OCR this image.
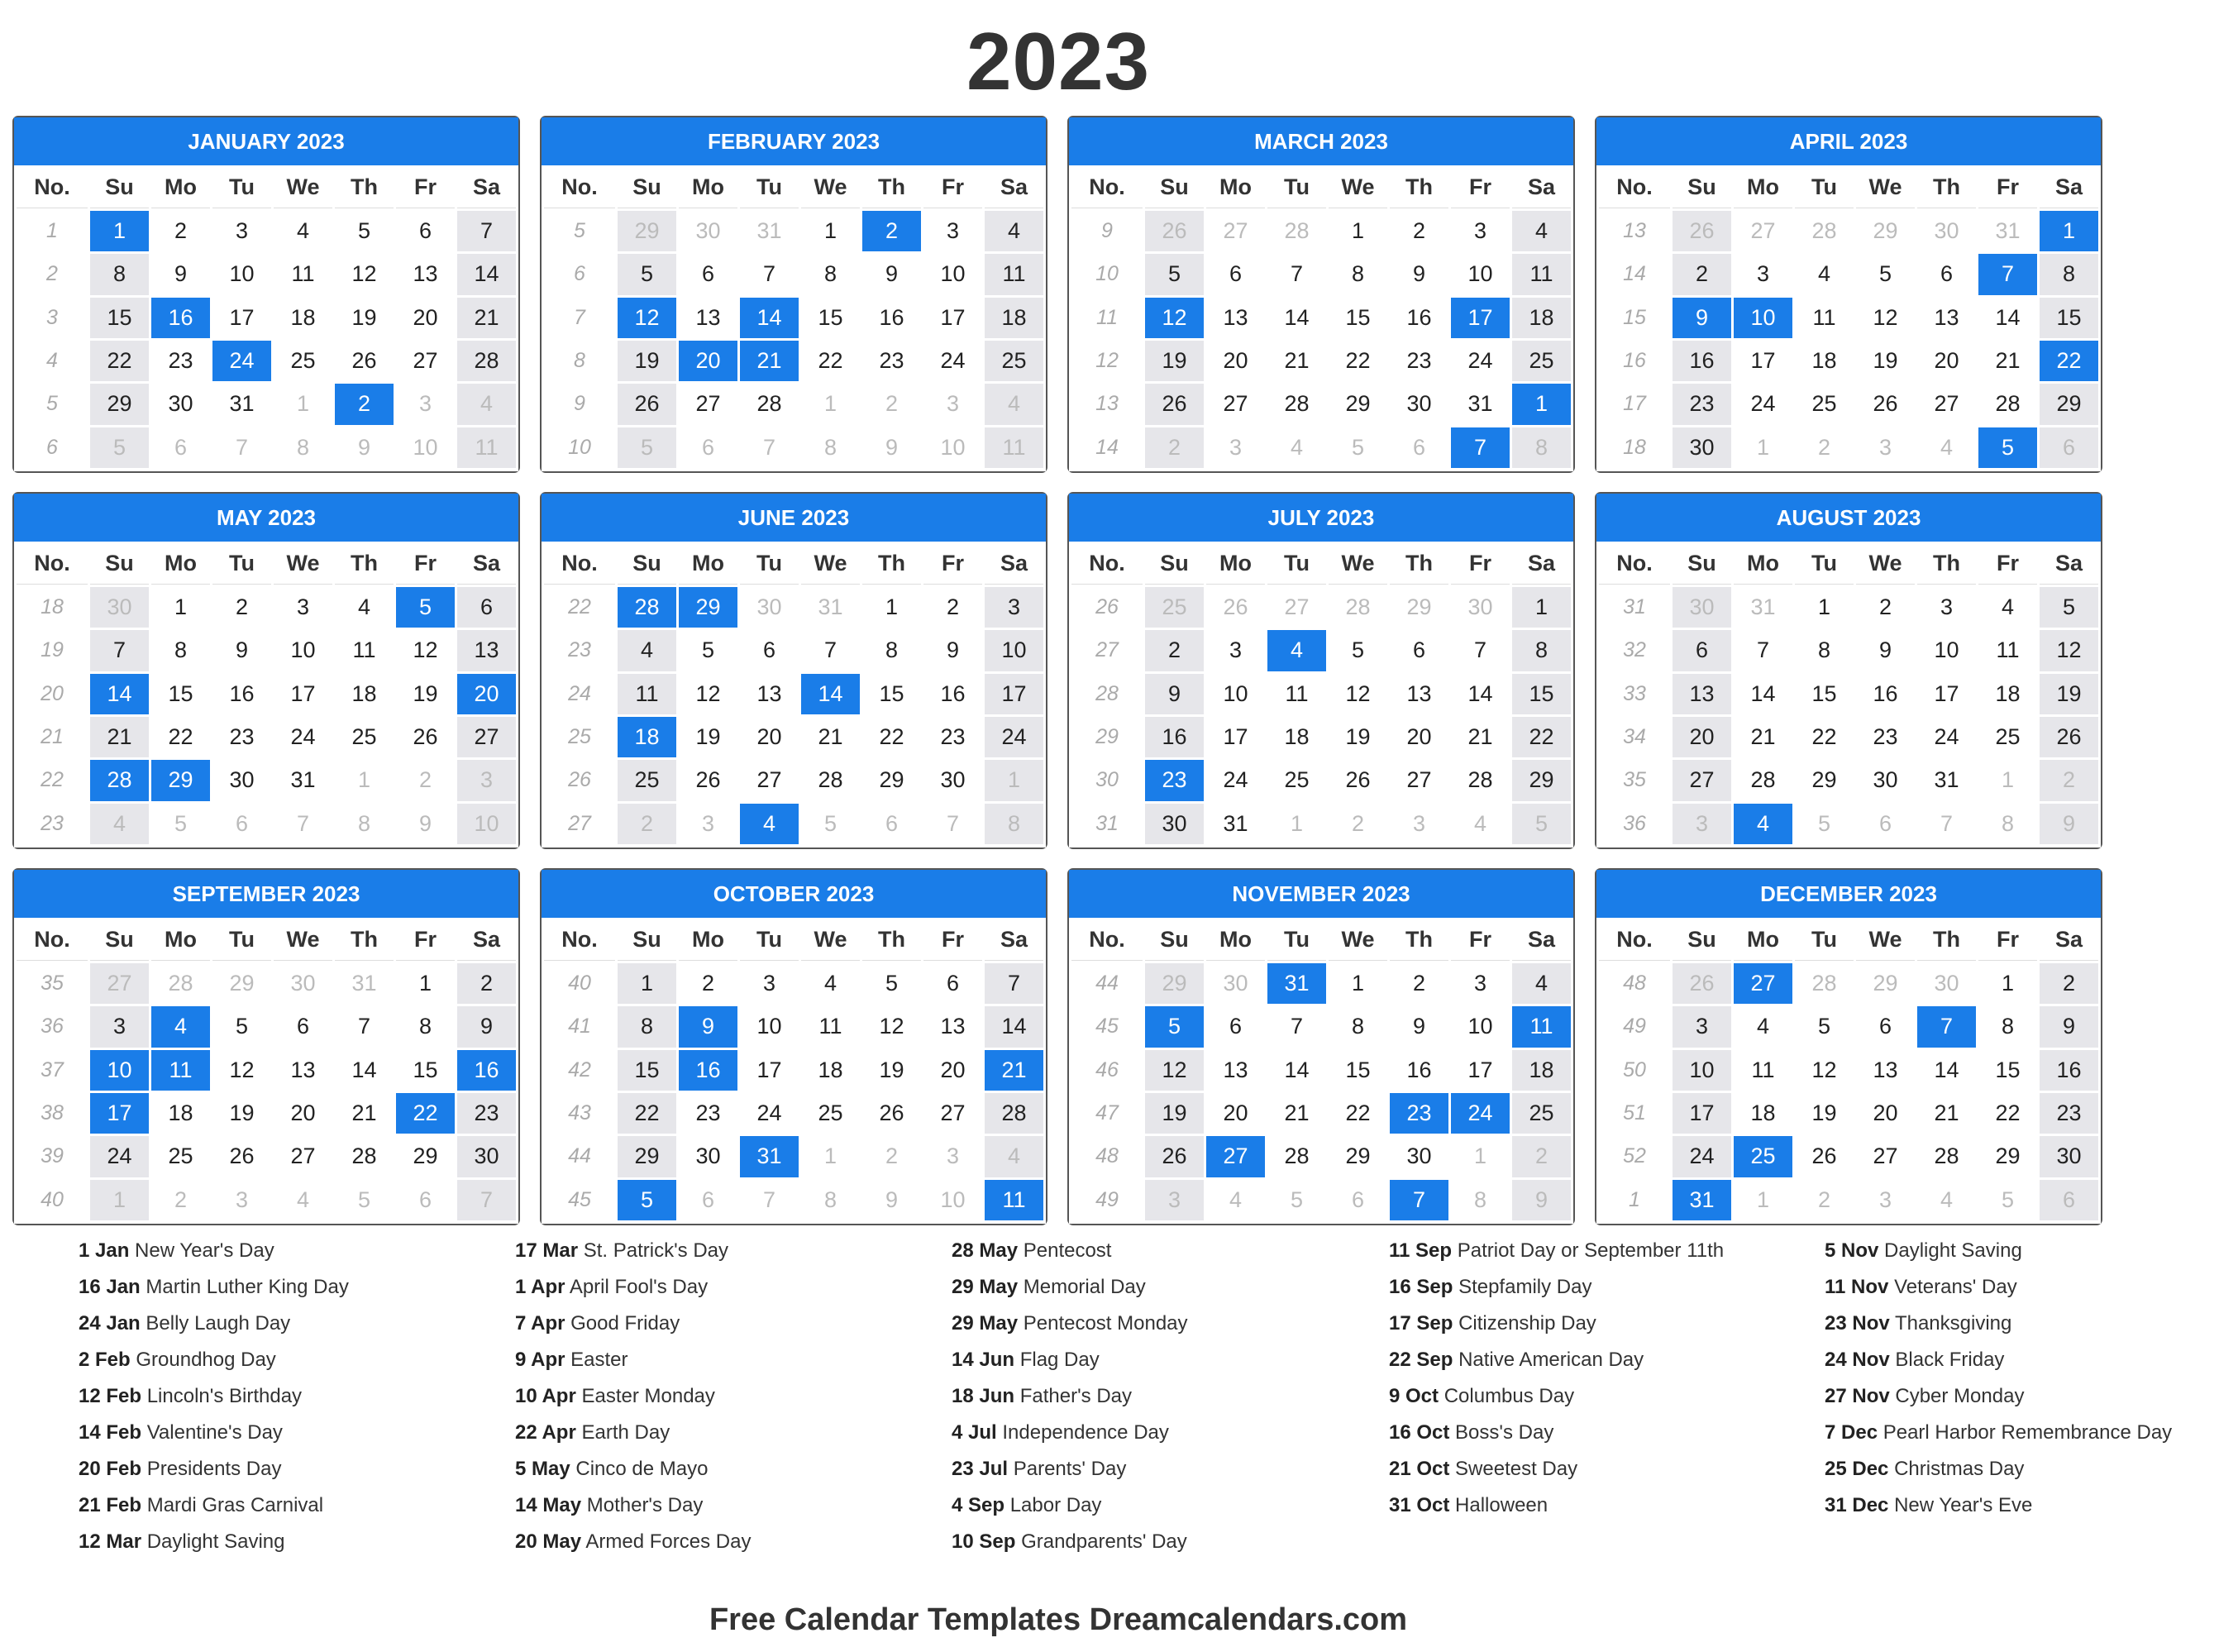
2023
JANUARY 2023
No.	Su	Mo	Tu	We	Th	Fr	Sa
1	1	2	3	4	5	6	7
2	8	9	10	11	12	13	14
3	15	16	17	18	19	20	21
4	22	23	24	25	26	27	28
5	29	30	31	1	2	3	4
6	5	6	7	8	9	10	11
FEBRUARY 2023
No.	Su	Mo	Tu	We	Th	Fr	Sa
5	29	30	31	1	2	3	4
6	5	6	7	8	9	10	11
7	12	13	14	15	16	17	18
8	19	20	21	22	23	24	25
9	26	27	28	1	2	3	4
10	5	6	7	8	9	10	11
MARCH 2023
No.	Su	Mo	Tu	We	Th	Fr	Sa
9	26	27	28	1	2	3	4
10	5	6	7	8	9	10	11
11	12	13	14	15	16	17	18
12	19	20	21	22	23	24	25
13	26	27	28	29	30	31	1
14	2	3	4	5	6	7	8
APRIL 2023
No.	Su	Mo	Tu	We	Th	Fr	Sa
13	26	27	28	29	30	31	1
14	2	3	4	5	6	7	8
15	9	10	11	12	13	14	15
16	16	17	18	19	20	21	22
17	23	24	25	26	27	28	29
18	30	1	2	3	4	5	6
MAY 2023
No.	Su	Mo	Tu	We	Th	Fr	Sa
18	30	1	2	3	4	5	6
19	7	8	9	10	11	12	13
20	14	15	16	17	18	19	20
21	21	22	23	24	25	26	27
22	28	29	30	31	1	2	3
23	4	5	6	7	8	9	10
JUNE 2023
No.	Su	Mo	Tu	We	Th	Fr	Sa
22	28	29	30	31	1	2	3
23	4	5	6	7	8	9	10
24	11	12	13	14	15	16	17
25	18	19	20	21	22	23	24
26	25	26	27	28	29	30	1
27	2	3	4	5	6	7	8
JULY 2023
No.	Su	Mo	Tu	We	Th	Fr	Sa
26	25	26	27	28	29	30	1
27	2	3	4	5	6	7	8
28	9	10	11	12	13	14	15
29	16	17	18	19	20	21	22
30	23	24	25	26	27	28	29
31	30	31	1	2	3	4	5
AUGUST 2023
No.	Su	Mo	Tu	We	Th	Fr	Sa
31	30	31	1	2	3	4	5
32	6	7	8	9	10	11	12
33	13	14	15	16	17	18	19
34	20	21	22	23	24	25	26
35	27	28	29	30	31	1	2
36	3	4	5	6	7	8	9
SEPTEMBER 2023
No.	Su	Mo	Tu	We	Th	Fr	Sa
35	27	28	29	30	31	1	2
36	3	4	5	6	7	8	9
37	10	11	12	13	14	15	16
38	17	18	19	20	21	22	23
39	24	25	26	27	28	29	30
40	1	2	3	4	5	6	7
OCTOBER 2023
No.	Su	Mo	Tu	We	Th	Fr	Sa
40	1	2	3	4	5	6	7
41	8	9	10	11	12	13	14
42	15	16	17	18	19	20	21
43	22	23	24	25	26	27	28
44	29	30	31	1	2	3	4
45	5	6	7	8	9	10	11
NOVEMBER 2023
No.	Su	Mo	Tu	We	Th	Fr	Sa
44	29	30	31	1	2	3	4
45	5	6	7	8	9	10	11
46	12	13	14	15	16	17	18
47	19	20	21	22	23	24	25
48	26	27	28	29	30	1	2
49	3	4	5	6	7	8	9
DECEMBER 2023
No.	Su	Mo	Tu	We	Th	Fr	Sa
48	26	27	28	29	30	1	2
49	3	4	5	6	7	8	9
50	10	11	12	13	14	15	16
51	17	18	19	20	21	22	23
52	24	25	26	27	28	29	30
1	31	1	2	3	4	5	6
1 Jan New Year's Day
16 Jan Martin Luther King Day
24 Jan Belly Laugh Day
2 Feb Groundhog Day
12 Feb Lincoln's Birthday
14 Feb Valentine's Day
20 Feb Presidents Day
21 Feb Mardi Gras Carnival
12 Mar Daylight Saving
17 Mar St. Patrick's Day
1 Apr April Fool's Day
7 Apr Good Friday
9 Apr Easter
10 Apr Easter Monday
22 Apr Earth Day
5 May Cinco de Mayo
14 May Mother's Day
20 May Armed Forces Day
28 May Pentecost
29 May Memorial Day
29 May Pentecost Monday
14 Jun Flag Day
18 Jun Father's Day
4 Jul Independence Day
23 Jul Parents' Day
4 Sep Labor Day
10 Sep Grandparents' Day
11 Sep Patriot Day or September 11th
16 Sep Stepfamily Day
17 Sep Citizenship Day
22 Sep Native American Day
9 Oct Columbus Day
16 Oct Boss's Day
21 Oct Sweetest Day
31 Oct Halloween
5 Nov Daylight Saving
11 Nov Veterans' Day
23 Nov Thanksgiving
24 Nov Black Friday
27 Nov Cyber Monday
7 Dec Pearl Harbor Remembrance Day
25 Dec Christmas Day
31 Dec New Year's Eve
Free Calendar Templates Dreamcalendars.com
